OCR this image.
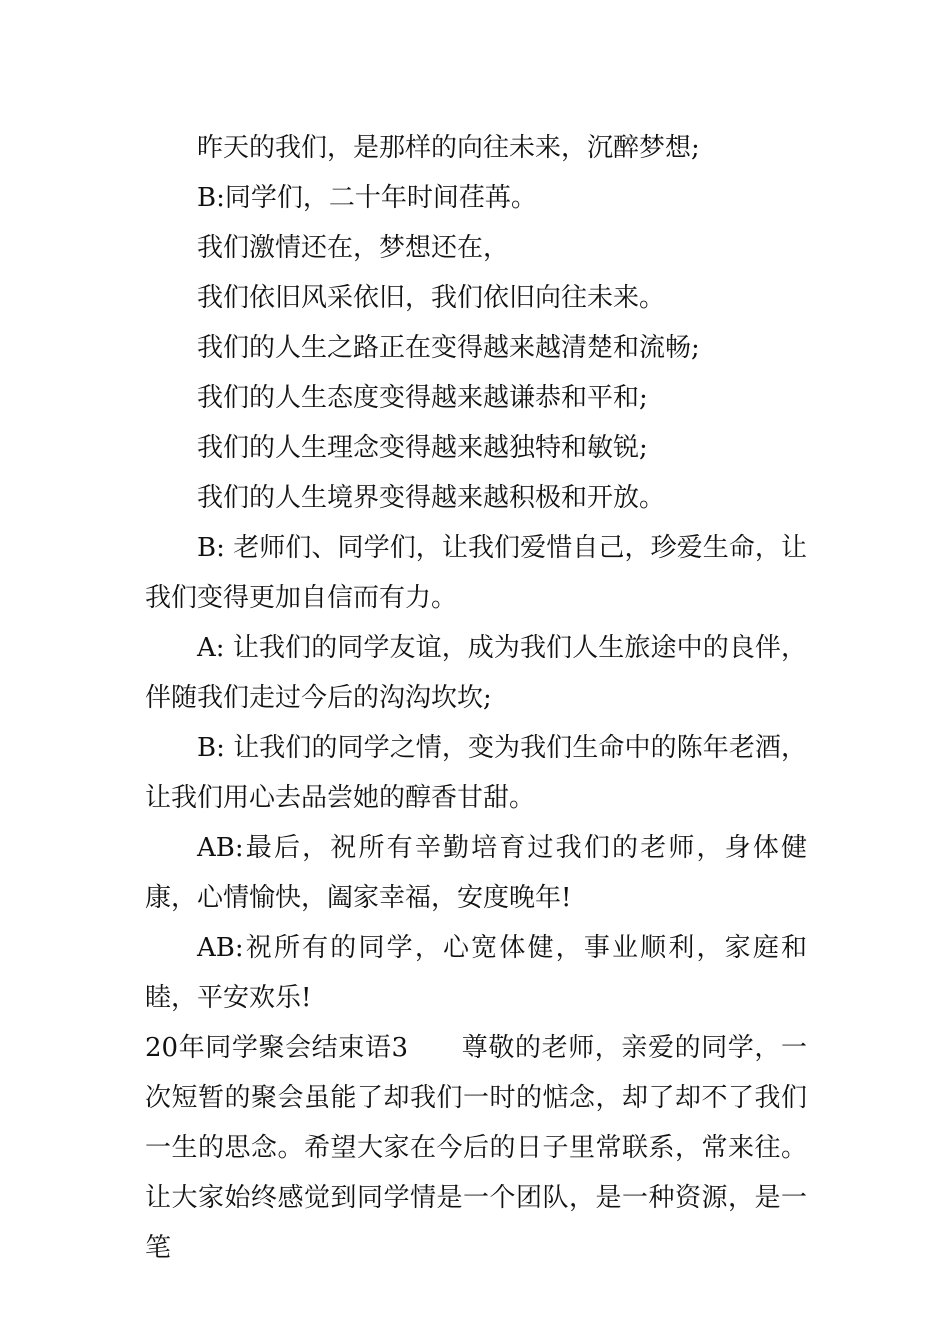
昨天的我们，是那样的向往未来，沉醉梦想;

B:同学们，二十年时间荏苒。

我们激情还在，梦想还在，

我们依旧风采依旧，我们依旧向往未来。

我们的人生之路正在变得越来越清楚和流畅;

我们的人生态度变得越来越谦恭和平和;

我们的人生理念变得越来越独特和敏锐;

我们的人生境界变得越来越积极和开放。

B: 老师们、同学们，让我们爱惜自己，珍爱生命，让我们变得更加自信而有力。

A: 让我们的同学友谊，成为我们人生旅途中的良伴，伴随我们走过今后的沟沟坎坎;

B: 让我们的同学之情，变为我们生命中的陈年老酒，让我们用心去品尝她的醇香甘甜。

AB:最后，祝所有辛勤培育过我们的老师，身体健康，心情愉快，阖家幸福，安度晚年!

AB:祝所有的同学，心宽体健，事业顺利，家庭和睦，平安欢乐!

20年同学聚会结束语3　　尊敬的老师，亲爱的同学，一次短暂的聚会虽能了却我们一时的惦念，却了却不了我们一生的思念。希望大家在今后的日子里常联系，常来往。让大家始终感觉到同学情是一个团队，是一种资源，是一笔
